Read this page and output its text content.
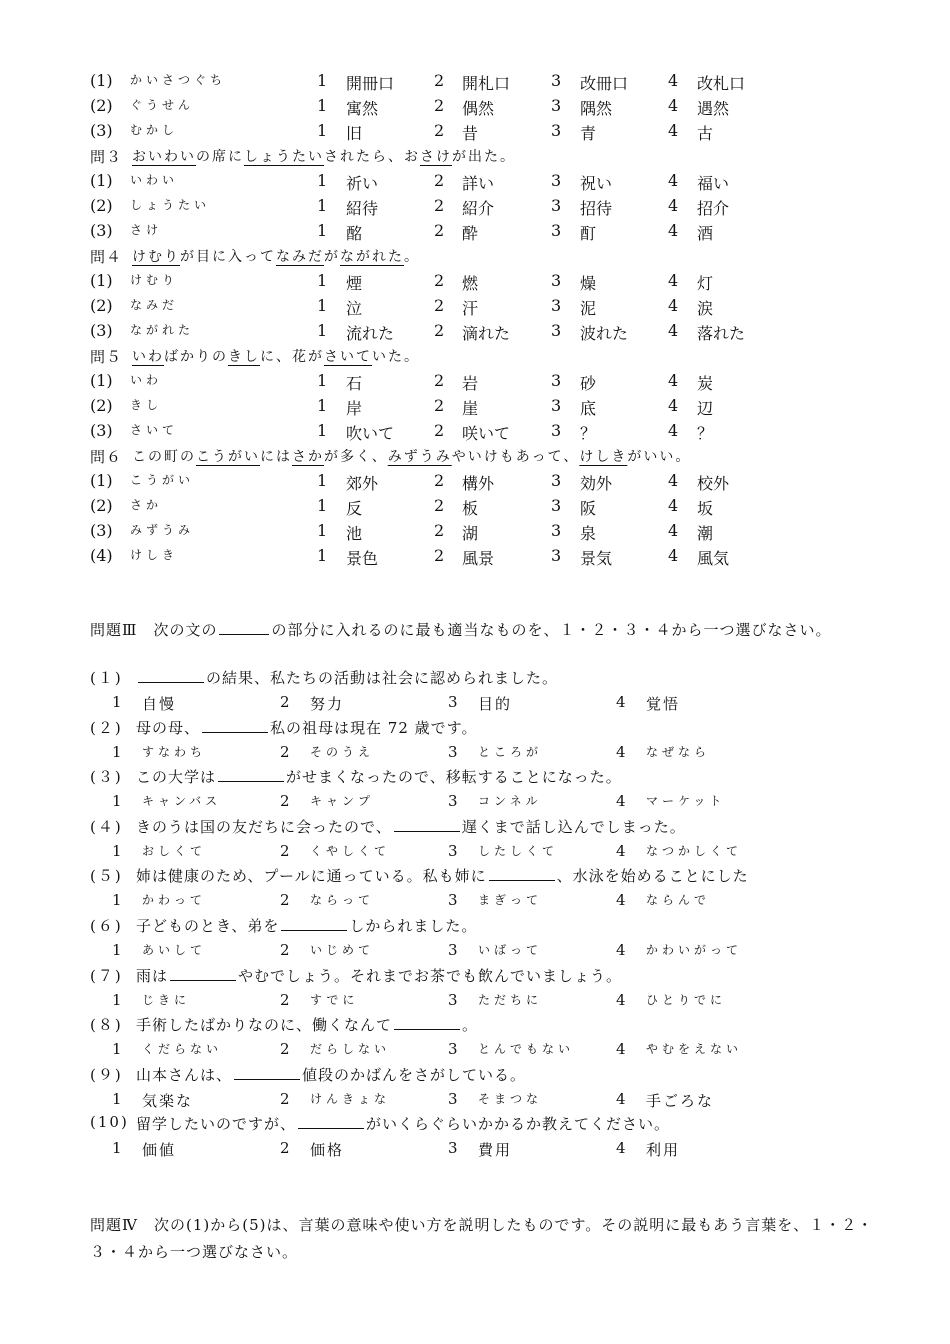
(1) かいさつぐち	1 開冊口 2 開札口	3 改冊口 4 改札口
(2) ぐうせん	1 寓然	2 偶然	3 隅然	4 遇然
(3) むかし	1 旧	2 昔	3 青	4 古
問３ おいわいの席にしょうたいされたら、おさけが出た。
(1) いわい	1 祈い	2 詳い	3 祝い	4 福い
(2) しょうたい	1 紹待	2 紹介	3 招待	4 招介
(3) さけ	1 酩	2 酔	3 酊	4 酒
問４ けむりが目に入ってなみだがながれた。
(1) けむり	1 煙	2 燃	3 燥	4 灯
(2) なみだ	1 泣	2 汗	3 泥	4 涙
(3) ながれた	1 流れた 2 滴れた	3 波れた 4 落れた
問５ いわばかりのきしに、花がさいていた。
(1) いわ	1 石	2 岩	3 砂	4 炭
(2) きし	1 岸	2 崖	3 底	4 辺
(3) さいて	1 吹いて 2 咲いて	3 ？	4 ？
問６ この町のこうがいにはさかが多く、みずうみやいけもあって、けしきがいい。
(1) こうがい	1 郊外	2 構外	3 効外	4 校外
(2) さか	1 反	2 板	3 阪	4 坂
(3) みずうみ	1 池	2 湖	3 泉	4 潮
(4) けしき	1 景色	2 風景	3 景気	4 風気
問題Ⅲ　次の文の	の部分に入れるのに最も適当なものを、１・２・３・４から一つ選びなさい。
(１)	の結果、私たちの活動は社会に認められました。
1 自慢	2 努力	3 目的	4 覚悟
(２) 母の母、	私の祖母は現在 72 歳です。
1 すなわち	2 そのうえ	3 ところが	4 なぜなら
(３) この大学は	がせまくなったので、移転することになった。
1 キャンバス	2 キャンプ	3 コンネル	4 マーケット
(４) きのうは国の友だちに会ったので、	遅くまで話し込んでしまった。
1 おしくて	2 くやしくて	3 したしくて	4 なつかしくて
(５) 姉は健康のため、プールに通っている。私も姉に	、水泳を始めることにした
1 かわって	2 ならって	3 まぎって	4 ならんで
(６) 子どものとき、弟を	しかられました。
1 あいして	2 いじめて	3 いばって	4 かわいがって
(７) 雨は	やむでしょう。それまでお茶でも飲んでいましょう。
1 じきに	2 すでに	3 ただちに	4 ひとりでに
(８) 手術したばかりなのに、働くなんて	。
1 くだらない	2 だらしない	3 とんでもない	4 やむをえない
(９) 山本さんは、	値段のかばんをさがしている。
1 気楽な	2 けんきょな	3 そまつな	4 手ごろな
(10) 留学したいのですが、	がいくらぐらいかかるか教えてください。
1 価値	2 価格	3 費用	4 利用
問題Ⅳ　次の(1)から(5)は、言葉の意味や使い方を説明したものです。その説明に最もあう言葉を、１・２・
３・４から一つ選びなさい。
